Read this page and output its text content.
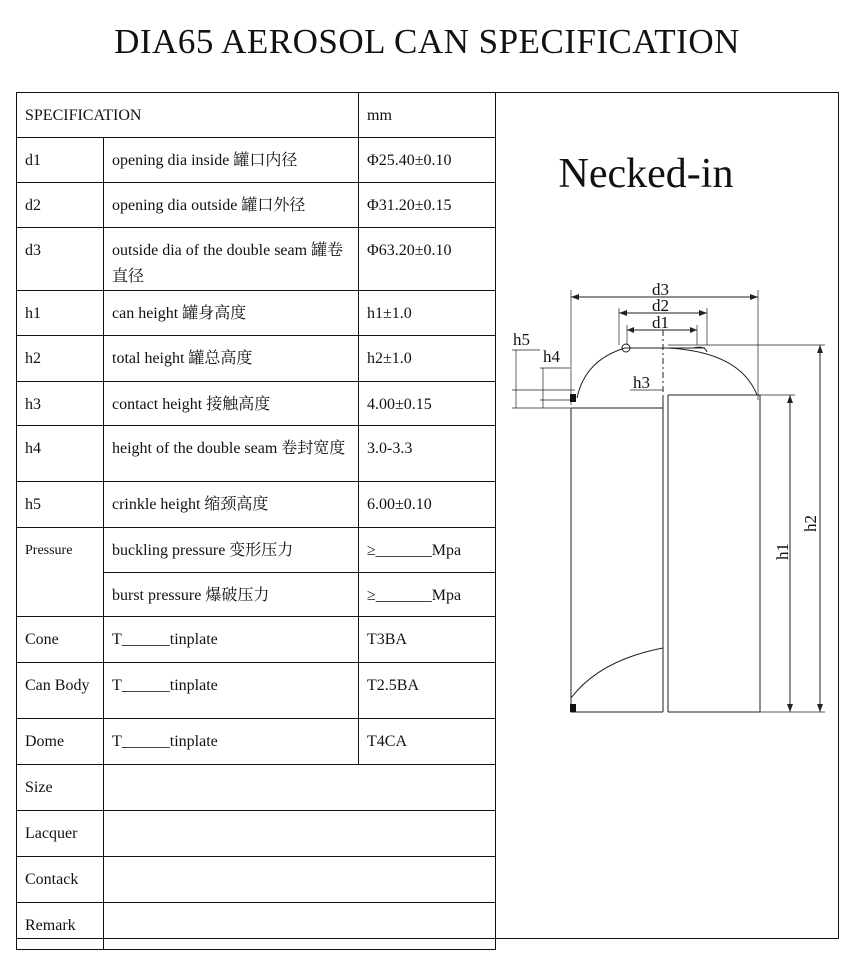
DIA65 AEROSOL CAN SPECIFICATION
SPECIFICATION		mm
d1	opening dia inside 罐口内径	Φ25.40±0.10
d2	opening dia outside 罐口外径	Φ31.20±0.15
d3	outside dia of the double seam 罐卷直径	Φ63.20±0.10
h1	can height 罐身高度	h1±1.0
h2	total height 罐总高度	h2±1.0
h3	contact height 接触高度	4.00±0.15
h4	height of the double seam 卷封宽度	3.0-3.3
h5	crinkle height 缩颈高度	6.00±0.10
Pressure	buckling pressure 变形压力	≥_______Mpa
	burst pressure 爆破压力	≥_______Mpa
Cone	T______tinplate	T3BA
Can Body	T______tinplate	T2.5BA
Dome	T______tinplate	T4CA
Size		
Lacquer		
Contack		
Remark		
Necked-in
d3
d2
d1
h5
h4
h3
h1
h2
